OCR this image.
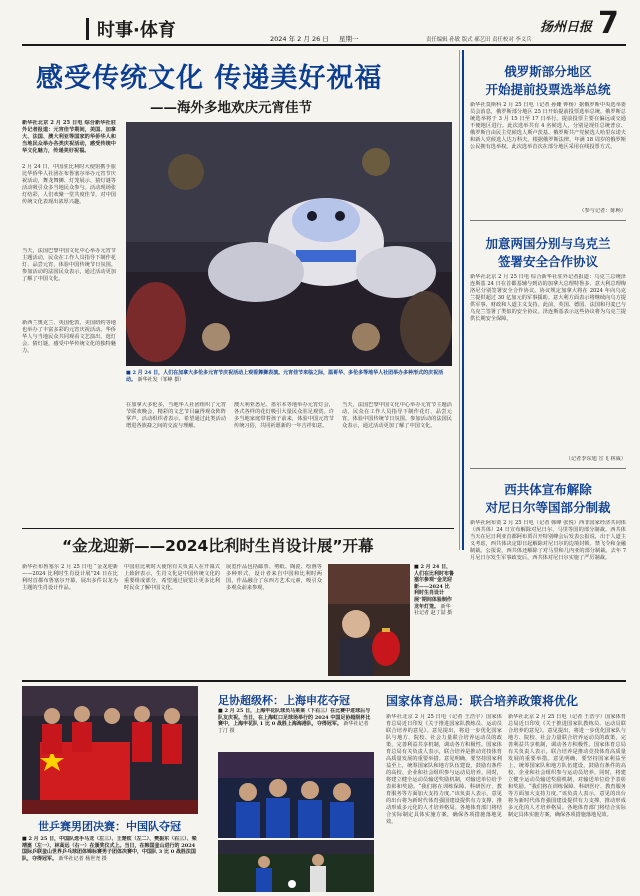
时事·体育	2024 年 2 月 26 日 星期一
扬州日报 7
责任编辑 孙敏 版式 郝艺田 责任校对 李义兵
感受传统文化 传递美好祝福
——海外多地欢庆元宵佳节
新华社北京 2 月 25 日电 综合新华社驻外记者报道：元宵佳节期间，美国、加拿大、法国、澳大利亚等国家的华侨华人和当地民众举办各类庆祝活动，感受传统中华文化魅力，传递美好祝福。
2 月 24 日，中国驻比利时大使馆携手旅比华侨华人社团在布鲁塞尔举办元宵节庆祝活动，舞龙舞狮、灯笼展示、猜灯谜等活动吸引众多当地民众参与。活动现场张灯结彩，人们欢聚一堂共度佳节，对中国传统文化表现出浓厚兴趣。
当天，法国巴黎中国文化中心举办元宵节主题活动，民众在工作人员指导下制作花灯、品尝元宵，体验中国传统节日氛围。参加活动的法国民众表示，通过活动更加了解了中国文化。
新西兰奥克兰、英国伦敦、美国纽约等地也举办了丰富多彩的元宵庆祝活动。华侨华人与当地民众共同观看文艺演出、逛灯会、猜灯谜，感受中华传统文化的独特魅力。
■ 2 月 24 日，人们在加拿大多伦多元宵节庆祝活动上观看舞狮表演。元宵佳节来临之际，温哥华、多伦多等地华人社团举办多种形式的庆祝活动。 新华社发（邹峥 摄）
在加拿大多伦多，当地华人社团组织了元宵节联欢晚会，精彩的文艺节目赢得观众阵阵掌声。活动组织者表示，希望通过此类活动增进各族裔之间的交流与理解。
澳大利亚悉尼、墨尔本等地举办元宵灯会，各式各样的花灯吸引大量民众驻足观赏。许多当地家庭带着孩子前来，体验中国元宵节传统习俗，共同祈愿新的一年吉祥如意。
当天，法国巴黎中国文化中心举办元宵节主题活动，民众在工作人员指导下制作花灯、品尝元宵，体验中国传统节日氛围。参加活动的法国民众表示，通过活动更加了解了中国文化。
“金龙迎新——2024比利时生肖设计展”开幕
新华社布鲁塞尔 2 月 25 日电 “金龙迎新——2024 比利时生肖设计展”24 日在比利时首都布鲁塞尔开幕，展出多件以龙为主题的生肖设计作品。
中国驻比利时大使馆有关负责人在开幕式上致辞表示，生肖文化是中国传统文化的重要组成部分，希望通过展览让更多比利时民众了解中国文化。
展览作品包括邮票、剪纸、陶瓷、绘画等多种形式，设计者来自中国和比利时两国，作品融合了东西方艺术元素，吸引众多观众前来参观。
■ 2 月 24 日，人们在比利时布鲁塞尔参观“金龙迎新——2024 比利时生肖设计展”期间体验制作龙年灯笼。 新华社记者 赵丁喆 摄
俄罗斯部分地区
开始提前投票选举总统
新华社莫斯科 2 月 25 日电（记者 孙姗 钟杨）据俄罗斯中央选举委员会消息，俄罗斯部分地区 25 日开始提前投票选举总统。俄罗斯总统选举将于 3 月 15 日至 17 日举行。提前投票主要在偏远或交通不便地区进行。此次选举共有 4 名候选人，分别是现任总统普京、俄罗斯自由民主党候选人斯卢茨基、俄罗斯共产党候选人哈里东诺夫和新人党候选人达万科夫。根据俄罗斯法律，年满 18 周岁的俄罗斯公民拥有选举权。此次选举首次在部分地区采用在线投票方式。
（参与记者：陈畅）
加意两国分别与乌克兰
签署安全合作协议
新华社北京 2 月 25 日电 综合新华社驻外记者报道：乌克兰总统泽连斯基 24 日在首都基辅与到访的加拿大总理特鲁多、意大利总理梅洛尼分别签署安全合作协议。协议规定加拿大将在 2024 年向乌克兰提供超过 30 亿加元的军事援助。意大利方面表示将继续向乌方提供军事、财政和人道主义支持。此前，英国、德国、法国和丹麦已与乌克兰签署了类似的安全协议。泽连斯基表示这些协议将为乌克兰提供长期安全保障。
（记者李东旭 宣飞 林威）
西共体宣布解除
对尼日尔等国部分制裁
新华社阿布贾 2 月 25 日电（记者 韩峰 张悦）西非国家经济共同体（西共体）24 日宣布解除对尼日尔、马里等国的部分制裁。西共体当天在尼日利亚首都阿布贾召开特别峰会后发表公报说，出于人道主义考虑，西共体决定即日起解除对尼日尔的边境封锁、禁飞令和金融制裁。公报说，西共体还解除了对马里和几内亚的部分制裁。去年 7 月尼日尔发生军事政变后，西共体对尼日尔实施了严厉制裁。
世乒赛男团决赛：中国队夺冠
■ 2 月 25 日，中国队选手马龙（左三）、王楚钦（左二）、樊振东（右三）、梁靖崑（左一）、林高远（右一）在颁奖仪式上。当日，在韩国釜山进行的 2024 国际乒联釜山世界乒乓球团体锦标赛男子团体决赛中，中国队 3 比 0 战胜法国队，夺得冠军。 新华社记者 杨世尧 摄
足协超级杯：上海申花夺冠
■ 2 月 25 日，上海申花队球员马莱莱（下右三）在比赛中进球后与队友庆祝。当日，在上海虹口足球场举行的 2024 中国足协超级杯比赛中，上海申花队 1 比 0 战胜上海海港队，夺得冠军。 新华社记者 丁汀 摄
国家体育总局：联合培养政策将优化
新华社北京 2 月 25 日电（记者 王浩宇）国家体育总局近日印发《关于推进国家队教练员、运动员联合培养的意见》。意见提出，将进一步优化国家队与地方、院校、社会力量联合培养运动员的政策，完善利益共享机制，调动各方积极性。国家体育总局有关负责人表示，联合培养是推动竞技体育高质量发展的重要举措。意见明确，要坚持国家利益至上，统筹国家队和地方队伍建设，鼓励有条件的高校、企业和社会组织参与运动员培养。同时，将建立健全运动员输送奖励机制，对输送单位给予表彰和奖励。“我们将在训练保障、科研医疗、教育服务等方面加大支持力度。”该负责人表示，意见的出台将为新时代体育强国建设提供有力支撑，推动形成多元化的人才培养格局。各地体育部门将结合实际制定具体实施方案，确保各项措施落地见效。
新华社北京 2 月 25 日电（记者 王浩宇）国家体育总局近日印发《关于推进国家队教练员、运动员联合培养的意见》。意见提出，将进一步优化国家队与地方、院校、社会力量联合培养运动员的政策，完善利益共享机制，调动各方积极性。国家体育总局有关负责人表示，联合培养是推动竞技体育高质量发展的重要举措。意见明确，要坚持国家利益至上，统筹国家队和地方队伍建设，鼓励有条件的高校、企业和社会组织参与运动员培养。同时，将建立健全运动员输送奖励机制，对输送单位给予表彰和奖励。“我们将在训练保障、科研医疗、教育服务等方面加大支持力度。”该负责人表示，意见的出台将为新时代体育强国建设提供有力支撑，推动形成多元化的人才培养格局。各地体育部门将结合实际制定具体实施方案，确保各项措施落地见效。
